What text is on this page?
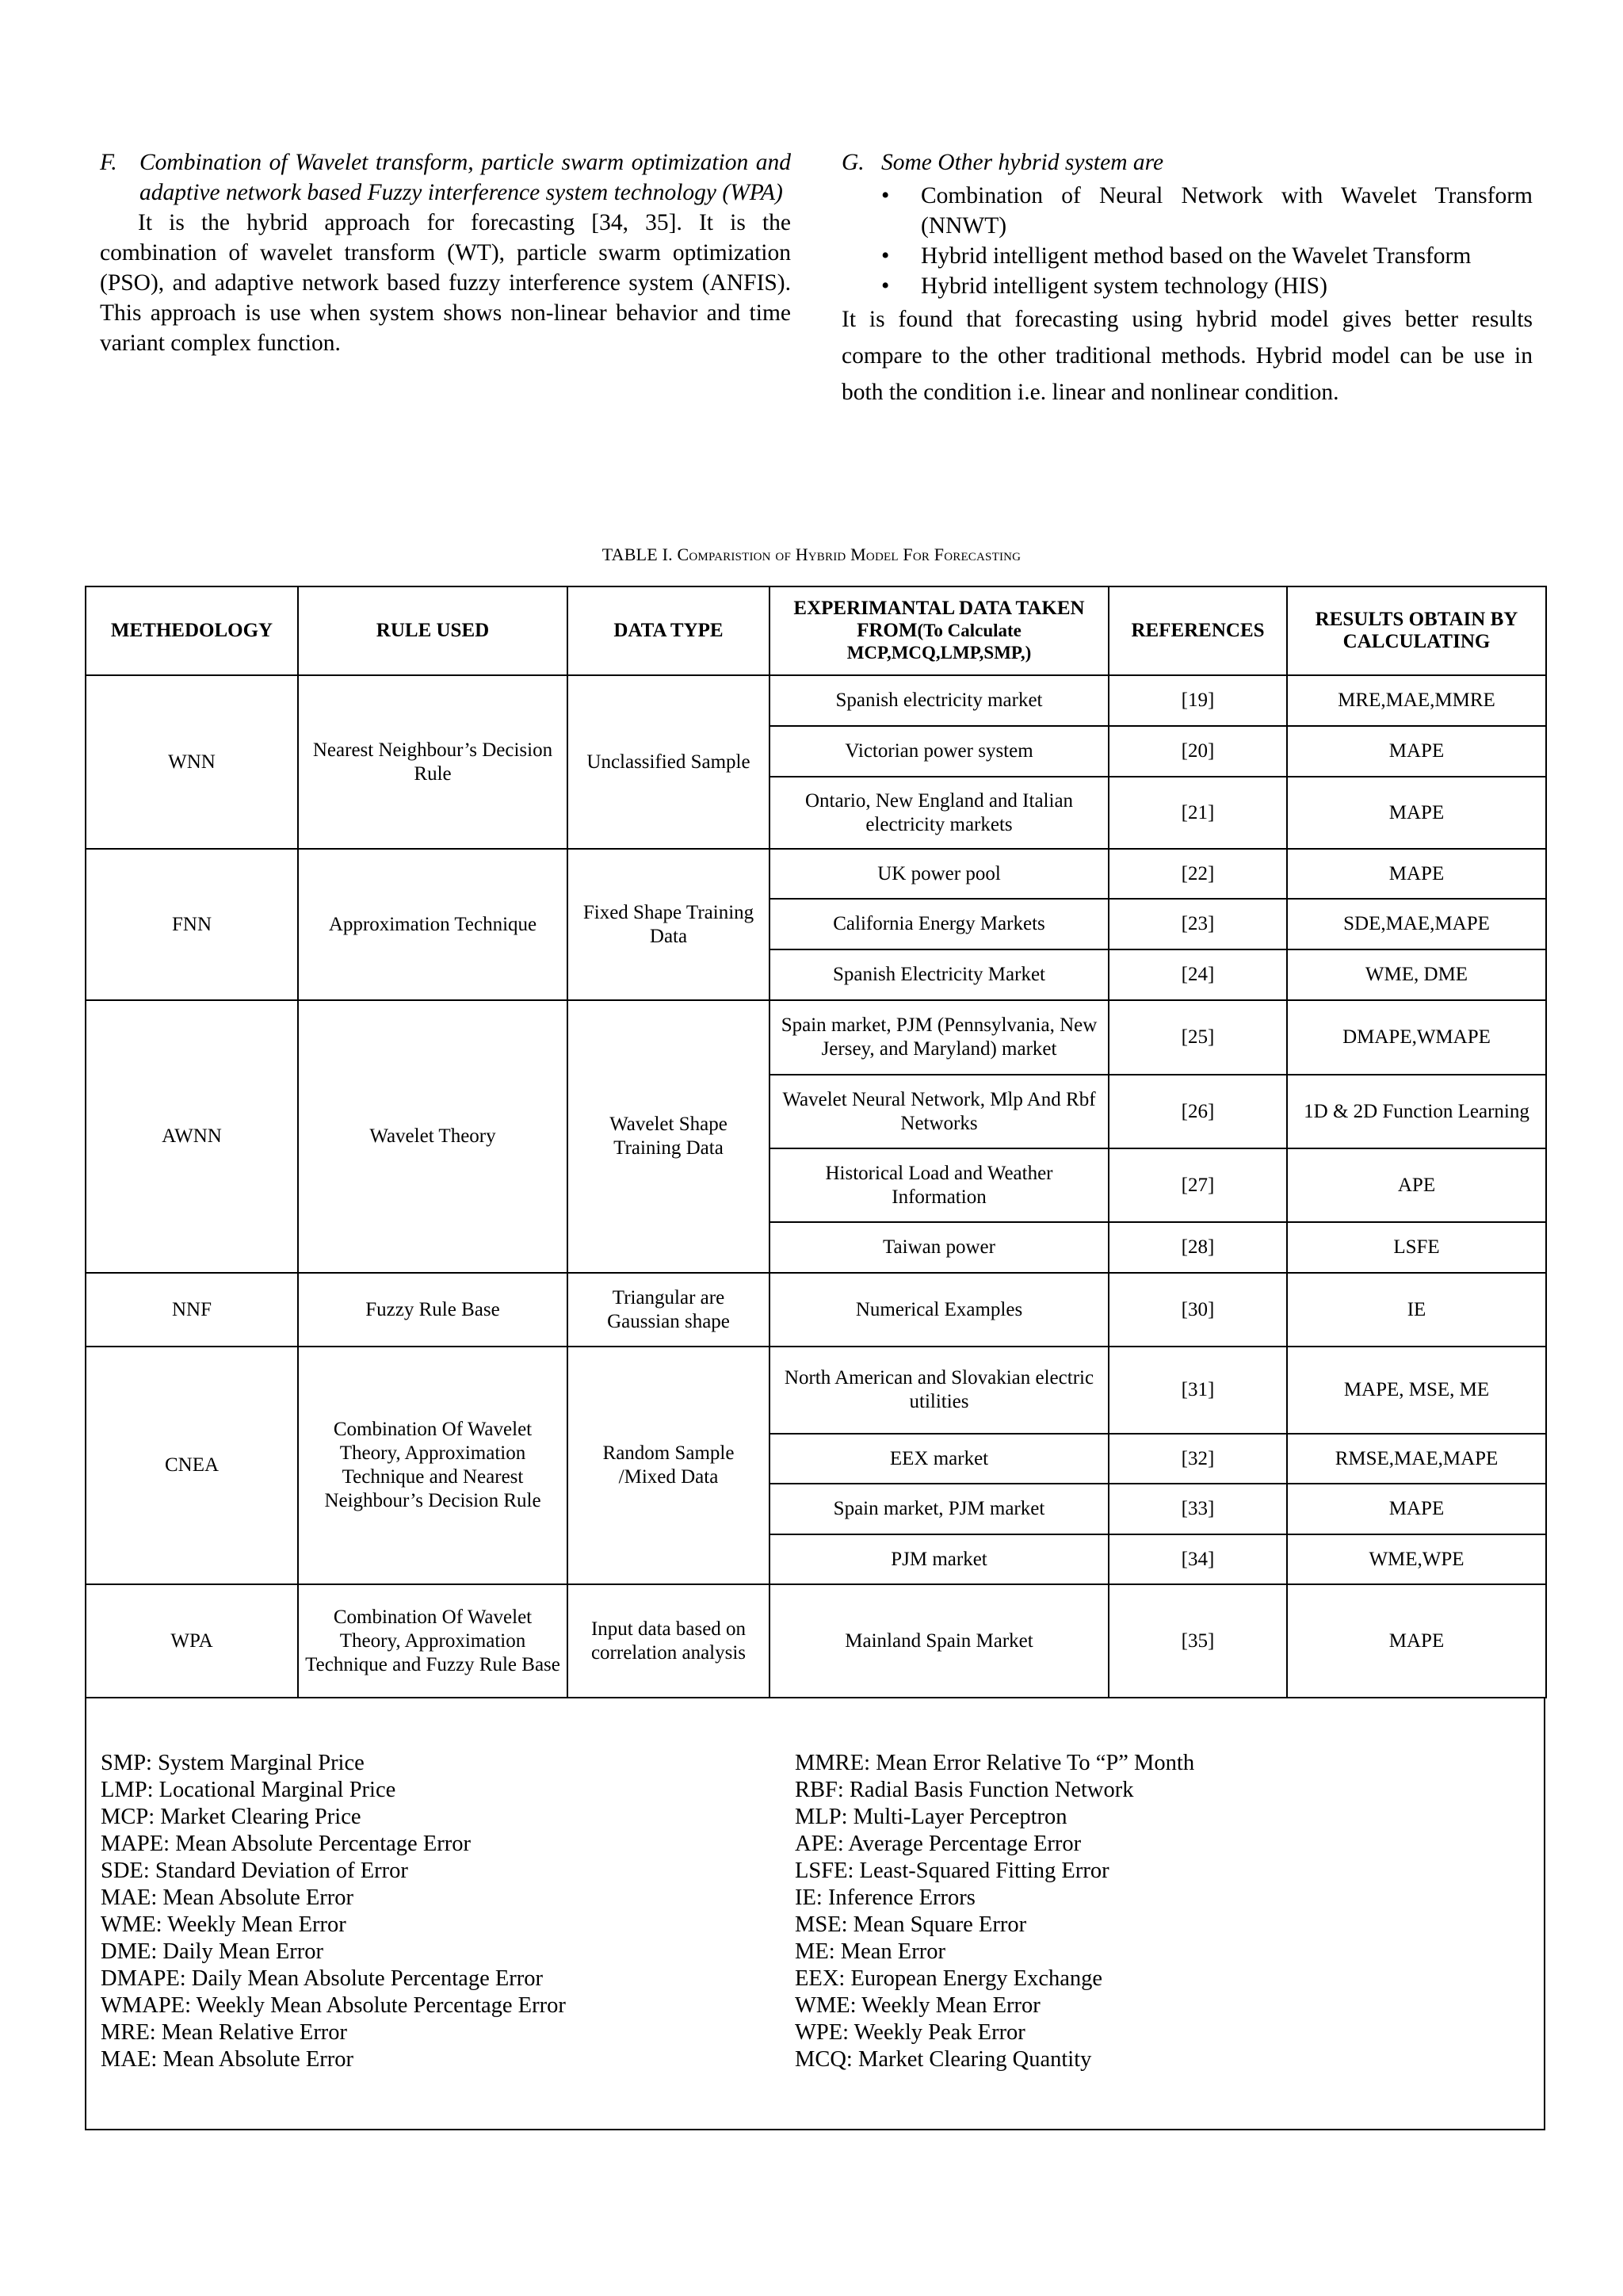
F. Combination of Wavelet transform, particle swarm optimization and adaptive network based Fuzzy interference system technology (WPA)

It is the hybrid approach for forecasting [34, 35]. It is the combination of wavelet transform (WT), particle swarm optimization (PSO), and adaptive network based fuzzy interference system (ANFIS). This approach is use when system shows non-linear behavior and time variant complex function.

G. Some Other hybrid system are
• Combination of Neural Network with Wavelet Transform (NNWT)
• Hybrid intelligent method based on the Wavelet Transform
• Hybrid intelligent system technology (HIS)

It is found that forecasting using hybrid model gives better results compare to the other traditional methods. Hybrid model can be use in both the condition i.e. linear and nonlinear condition.

TABLE I. Comparistion of Hybrid Model For Forecasting
METHEDOLOGY	RULE USED	DATA TYPE	EXPERIMANTAL DATA TAKEN FROM(To Calculate MCP,MCQ,LMP,SMP,)	REFERENCES	RESULTS OBTAIN BY CALCULATING
WNN	Nearest Neighbour’s Decision Rule	Unclassified Sample	Spanish electricity market	[19]	MRE,MAE,MMRE
			Victorian power system	[20]	MAPE
			Ontario, New England and Italian electricity markets	[21]	MAPE
FNN	Approximation Technique	Fixed Shape Training Data	UK power pool	[22]	MAPE
			California Energy Markets	[23]	SDE,MAE,MAPE
			Spanish Electricity Market	[24]	WME, DME
AWNN	Wavelet Theory	Wavelet Shape Training Data	Spain market, PJM (Pennsylvania, New Jersey, and Maryland) market	[25]	DMAPE,WMAPE
			Wavelet Neural Network, Mlp And Rbf Networks	[26]	1D & 2D Function Learning
			Historical Load and Weather Information	[27]	APE
			Taiwan power	[28]	LSFE
NNF	Fuzzy Rule Base	Triangular are Gaussian shape	Numerical Examples	[30]	IE
CNEA	Combination Of Wavelet Theory, Approximation Technique and Nearest Neighbour’s Decision Rule	Random Sample /Mixed Data	North American and Slovakian electric utilities	[31]	MAPE, MSE, ME
			EEX market	[32]	RMSE,MAE,MAPE
			Spain market, PJM market	[33]	MAPE
			PJM market	[34]	WME,WPE
WPA	Combination Of Wavelet Theory, Approximation Technique and Fuzzy Rule Base	Input data based on correlation analysis	Mainland Spain Market	[35]	MAPE
SMP: System Marginal Price
LMP: Locational Marginal Price
MCP: Market Clearing Price
MAPE: Mean Absolute Percentage Error
SDE: Standard Deviation of Error
MAE: Mean Absolute Error
WME: Weekly Mean Error
DME: Daily Mean Error
DMAPE: Daily Mean Absolute Percentage Error
WMAPE: Weekly Mean Absolute Percentage Error
MRE: Mean Relative Error
MAE: Mean Absolute Error
MMRE: Mean Error Relative To “P” Month
RBF: Radial Basis Function Network
MLP: Multi-Layer Perceptron
APE: Average Percentage Error
LSFE: Least-Squared Fitting Error
IE: Inference Errors
MSE: Mean Square Error
ME: Mean Error
EEX: European Energy Exchange
WME: Weekly Mean Error
WPE: Weekly Peak Error
MCQ: Market Clearing Quantity
